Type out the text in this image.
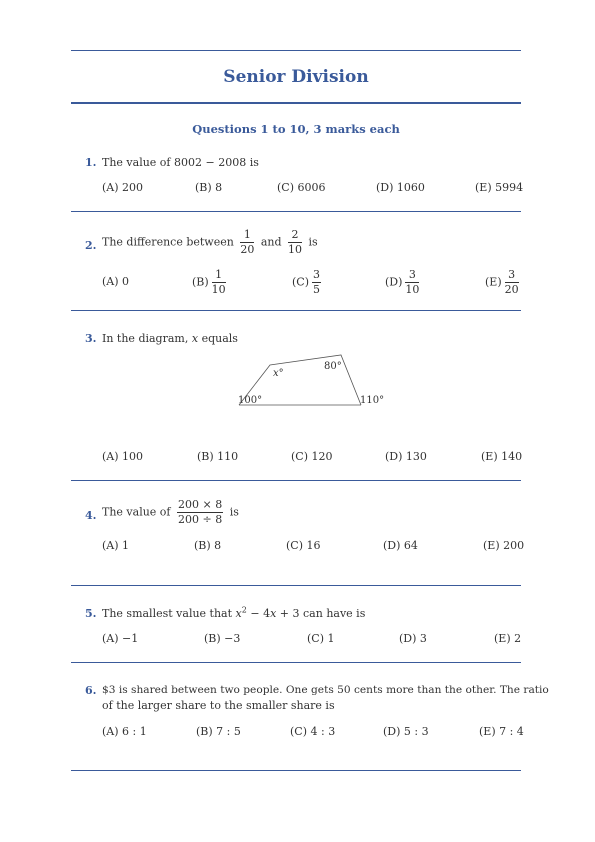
Senior Division
Questions 1 to 10, 3 marks each
1. The value of 8002 − 2008 is
(A) 200	(B) 8	(C) 6006	(D) 1060	(E) 5994
2. The difference between $\frac{1}{20}$ and $\frac{2}{10}$ is
(A) 0	$(B) \frac{1}{10}$	$(C) \frac{3}{5}$	$(D) \frac{3}{10}$	$(E) \frac{3}{20}$
3. In the diagram, x equals
x°
80°
100°	110°
(A) 100	(B) 110	(C) 120	(D) 130	(E) 140
4. The value of $\frac{200 \times 8}{200 \div 8}$ is
(A) 1	(B) 8	(C) 16	(D) 64	(E) 200
5. The smallest value that $x^2 - 4x + 3$ can have is
(A) −1	(B) −3	(C) 1	(D) 3	(E) 2
6. $3 is shared between two people. One gets 50 cents more than the other. The ratio
of the larger share to the smaller share is
(A) 6 : 1	(B) 7 : 5	(C) 4 : 3	(D) 5 : 3	(E) 7 : 4
